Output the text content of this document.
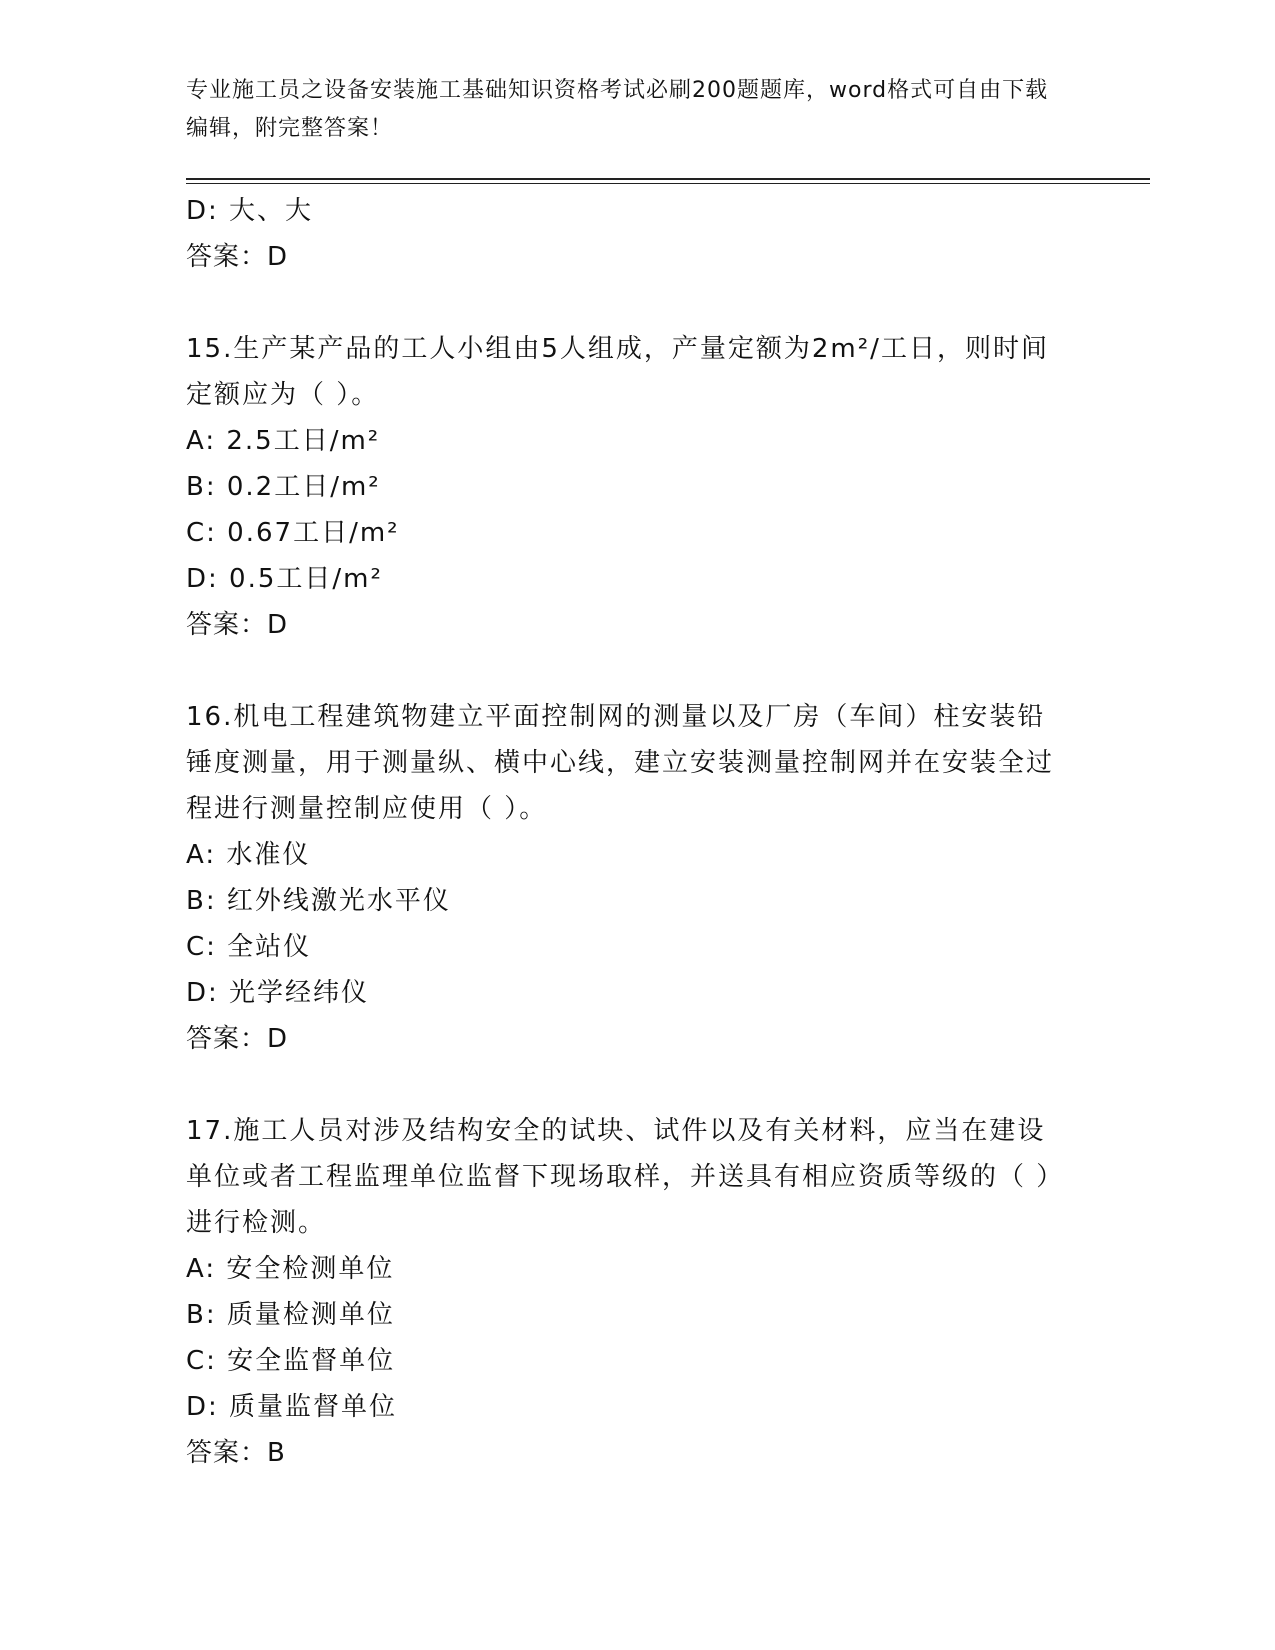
专业施工员之设备安装施工基础知识资格考试必刷200题题库，word格式可自由下载编辑，附完整答案！
D: 大、大
答案：D
15.生产某产品的工人小组由5人组成，产量定额为2m²/工日，则时间定额应为（ ）。
A: 2.5工日/m²
B: 0.2工日/m²
C: 0.67工日/m²
D: 0.5工日/m²
答案：D
16.机电工程建筑物建立平面控制网的测量以及厂房（车间）柱安装铅锤度测量，用于测量纵、横中心线，建立安装测量控制网并在安装全过程进行测量控制应使用（ ）。
A: 水准仪
B: 红外线激光水平仪
C: 全站仪
D: 光学经纬仪
答案：D
17.施工人员对涉及结构安全的试块、试件以及有关材料，应当在建设单位或者工程监理单位监督下现场取样，并送具有相应资质等级的（ ）进行检测。
A: 安全检测单位
B: 质量检测单位
C: 安全监督单位
D: 质量监督单位
答案：B
